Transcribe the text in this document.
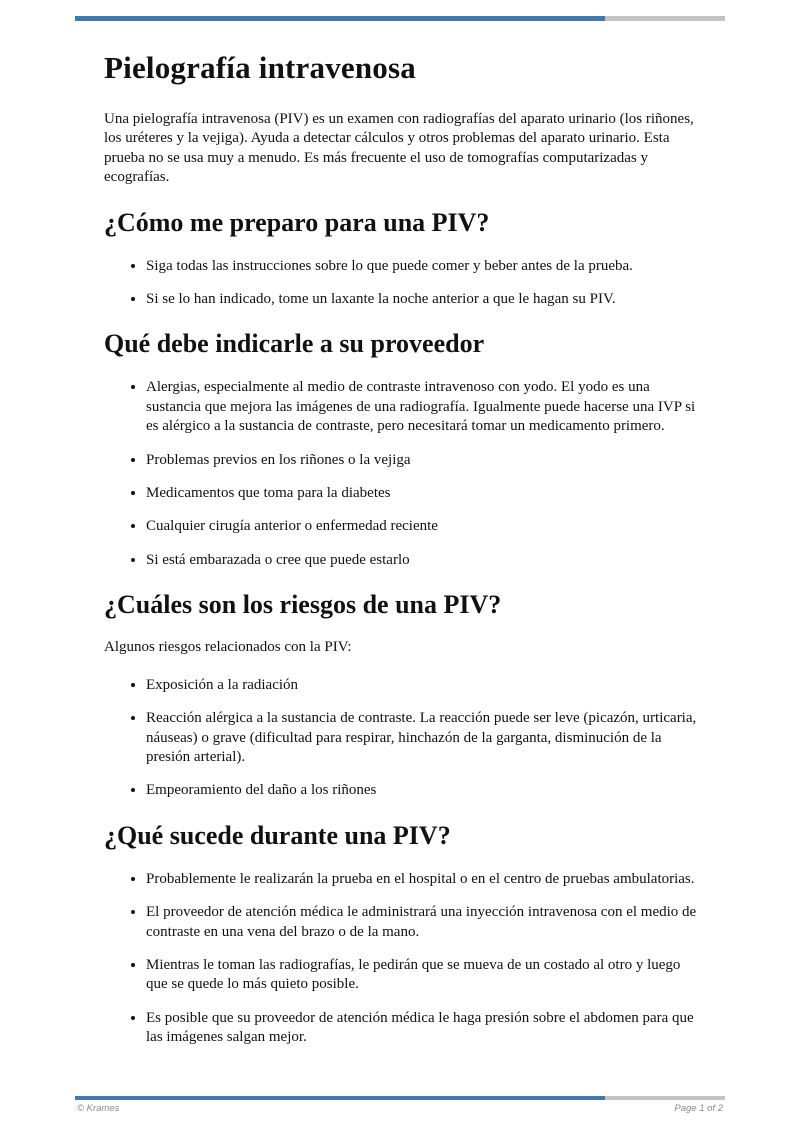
Pielografía intravenosa

Una pielografía intravenosa (PIV) es un examen con radiografías del aparato urinario (los riñones, los uréteres y la vejiga). Ayuda a detectar cálculos y otros problemas del aparato urinario. Esta prueba no se usa muy a menudo. Es más frecuente el uso de tomografías computarizadas y ecografías.

¿Cómo me preparo para una PIV?
• Siga todas las instrucciones sobre lo que puede comer y beber antes de la prueba.
• Si se lo han indicado, tome un laxante la noche anterior a que le hagan su PIV.
Qué debe indicarle a su proveedor
• Alergias, especialmente al medio de contraste intravenoso con yodo. El yodo es una sustancia que mejora las imágenes de una radiografía. Igualmente puede hacerse una IVP si es alérgico a la sustancia de contraste, pero necesitará tomar un medicamento primero.
• Problemas previos en los riñones o la vejiga
• Medicamentos que toma para la diabetes
• Cualquier cirugía anterior o enfermedad reciente
• Si está embarazada o cree que puede estarlo
¿Cuáles son los riesgos de una PIV?

Algunos riesgos relacionados con la PIV:

• Exposición a la radiación
• Reacción alérgica a la sustancia de contraste. La reacción puede ser leve (picazón, urticaria, náuseas) o grave (dificultad para respirar, hinchazón de la garganta, disminución de la presión arterial).
• Empeoramiento del daño a los riñones
¿Qué sucede durante una PIV?
• Probablemente le realizarán la prueba en el hospital o en el centro de pruebas ambulatorias.
• El proveedor de atención médica le administrará una inyección intravenosa con el medio de contraste en una vena del brazo o de la mano.
• Mientras le toman las radiografías, le pedirán que se mueva de un costado al otro y luego que se quede lo más quieto posible.
• Es posible que su proveedor de atención médica le haga presión sobre el abdomen para que las imágenes salgan mejor.
© Krames	Page 1 of 2
